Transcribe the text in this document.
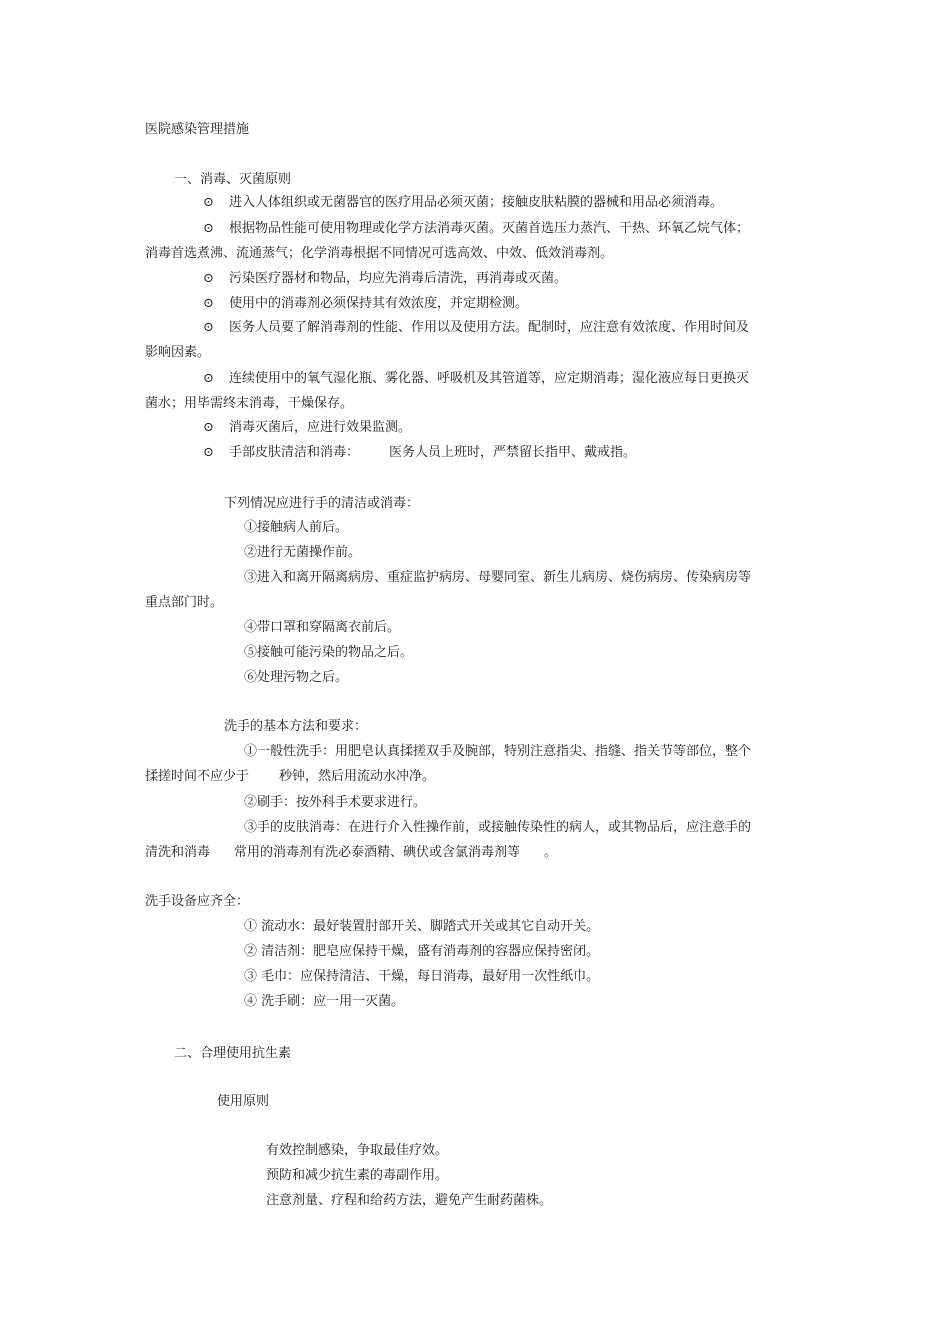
医院感染管理措施
一、消毒、灭菌原则
⊙ 进入人体组织或无菌器官的医疗用品必须灭菌；接触皮肤粘膜的器械和用品必须消毒。
⊙ 根据物品性能可使用物理或化学方法消毒灭菌。灭菌首选压力蒸汽、干热、环氧乙烷气体；
消毒首选煮沸、流通蒸气；化学消毒根据不同情况可选高效、中效、低效消毒剂。
⊙ 污染医疗器材和物品，均应先消毒后清洗，再消毒或灭菌。
⊙ 使用中的消毒剂必须保持其有效浓度，并定期检测。
⊙ 医务人员要了解消毒剂的性能、作用以及使用方法。配制时，应注意有效浓度、作用时间及
影响因素。
⊙ 连续使用中的氧气湿化瓶、雾化器、呼吸机及其管道等，应定期消毒；湿化液应每日更换灭
菌水；用毕需终末消毒，干燥保存。
⊙ 消毒灭菌后，应进行效果监测。
⊙ 手部皮肤清洁和消毒： 医务人员上班时，严禁留长指甲、戴戒指。
下列情况应进行手的清洁或消毒：
①接触病人前后。
②进行无菌操作前。
③进入和离开隔离病房、重症监护病房、母婴同室、新生儿病房、烧伤病房、传染病房等
重点部门时。
④带口罩和穿隔离衣前后。
⑤接触可能污染的物品之后。
⑥处理污物之后。
洗手的基本方法和要求：
①一般性洗手：用肥皂认真揉搓双手及腕部，特别注意指尖、指缝、指关节等部位，整个
揉搓时间不应少于 秒钟，然后用流动水冲净。
②刷手：按外科手术要求进行。
③手的皮肤消毒：在进行介入性操作前，或接触传染性的病人，或其物品后，应注意手的
清洗和消毒 常用的消毒剂有洗必泰酒精、碘伏或含氯消毒剂等 。
洗手设备应齐全：
① 流动水：最好装置肘部开关、脚踏式开关或其它自动开关。
② 清洁剂：肥皂应保持干燥，盛有消毒剂的容器应保持密闭。
③ 毛巾：应保持清洁、干燥，每日消毒，最好用一次性纸巾。
④ 洗手刷：应一用一灭菌。
二、合理使用抗生素
使用原则
有效控制感染，争取最佳疗效。
预防和减少抗生素的毒副作用。
注意剂量、疗程和给药方法，避免产生耐药菌株。
